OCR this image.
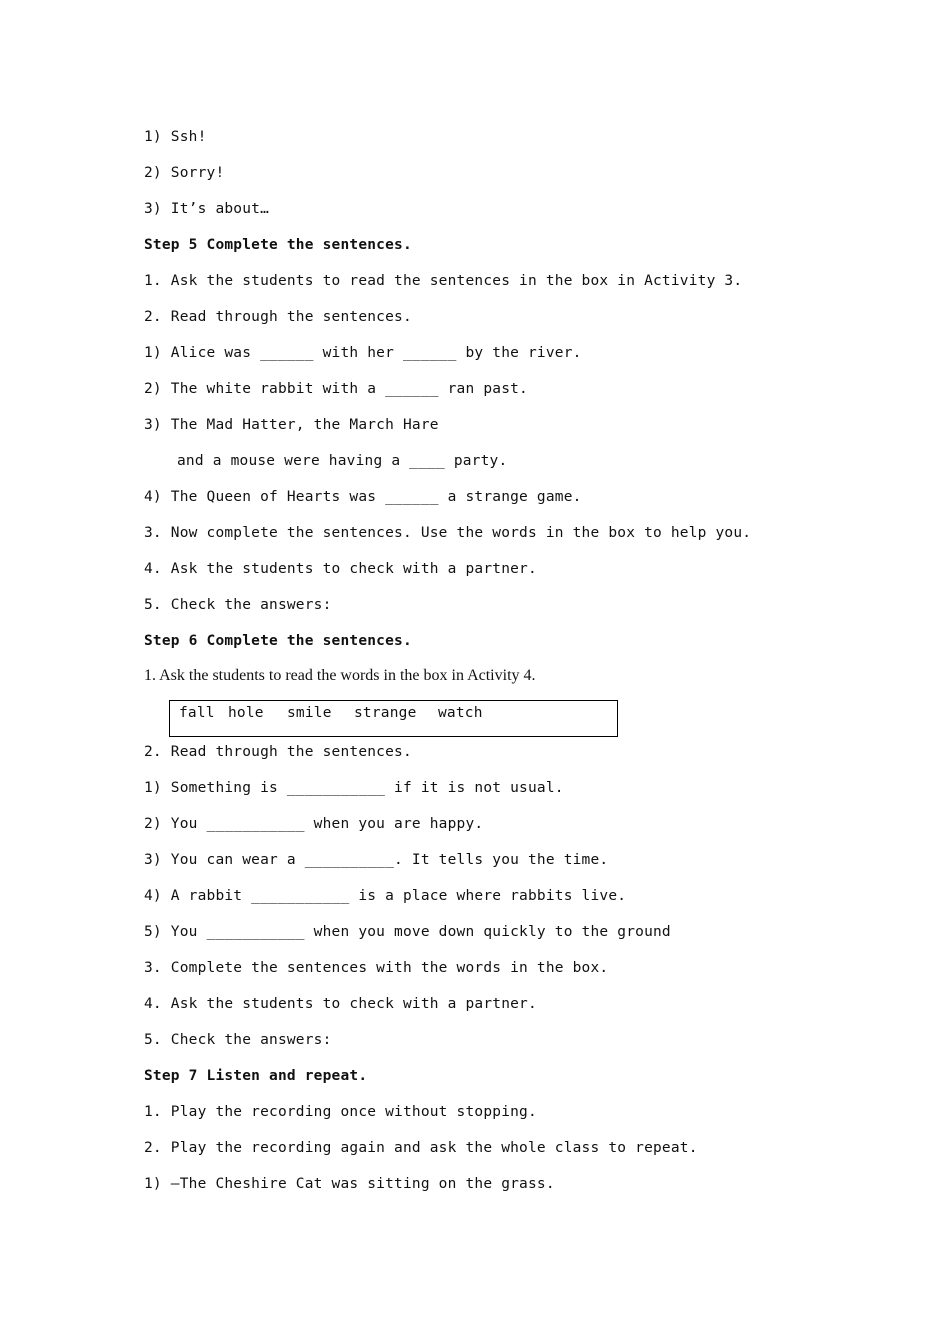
1) Ssh!
2) Sorry!
3) It’s about…
Step 5 Complete the sentences.
1. Ask the students to read the sentences in the box in Activity 3.
2. Read through the sentences.
1) Alice was ______ with her ______ by the river.
2) The white rabbit with a ______ ran past.
3) The Mad Hatter, the March Hare
and a mouse were having a ____ party.
4) The Queen of Hearts was ______ a strange game.
3. Now complete the sentences. Use the words in the box to help you.
4. Ask the students to check with a partner.
5. Check the answers:
Step 6 Complete the sentences.
1. Ask the students to read the words in the box in Activity 4.
fall hole smile strange watch
2. Read through the sentences.
1) Something is ___________ if it is not usual.
2) You ___________ when you are happy.
3) You can wear a __________. It tells you the time.
4) A rabbit ___________ is a place where rabbits live.
5) You ___________ when you move down quickly to the ground
3. Complete the sentences with the words in the box.
4. Ask the students to check with a partner.
5. Check the answers:
Step 7 Listen and repeat.
1. Play the recording once without stopping.
2. Play the recording again and ask the whole class to repeat.
1) —The Cheshire Cat was sitting on the grass.
